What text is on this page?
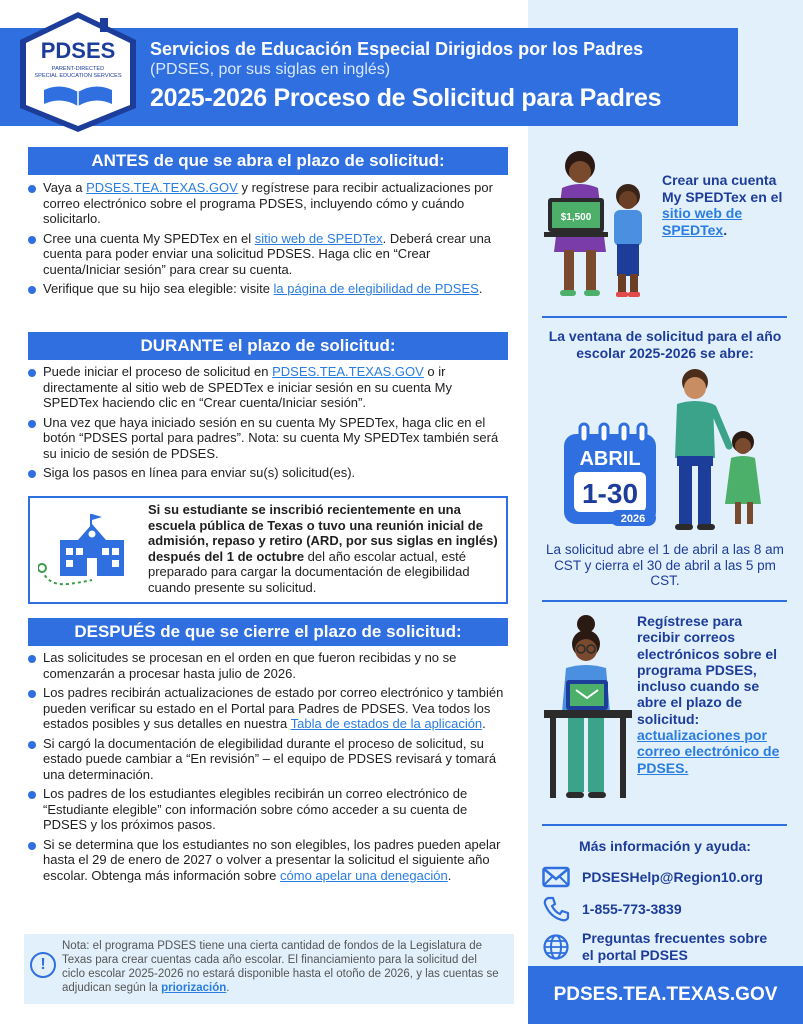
PDSES
PARENT-DIRECTED
SPECIAL EDUCATION SERVICES
Servicios de Educación Especial Dirigidos por los Padres
(PDSES, por sus siglas en inglés)
2025-2026 Proceso de Solicitud para Padres
ANTES de que se abra el plazo de solicitud:
Vaya a PDSES.TEA.TEXAS.GOV y regístrese para recibir actualizaciones por correo electrónico sobre el programa PDSES, incluyendo cómo y cuándo solicitarlo.
Cree una cuenta My SPEDTex en el sitio web de SPEDTex. Deberá crear una cuenta para poder enviar una solicitud PDSES. Haga clic en “Crear cuenta/Iniciar sesión” para crear su cuenta.
Verifique que su hijo sea elegible: visite la página de elegibilidad de PDSES.
DURANTE el plazo de solicitud:
Puede iniciar el proceso de solicitud en PDSES.TEA.TEXAS.GOV o ir directamente al sitio web de SPEDTex e iniciar sesión en su cuenta My SPEDTex haciendo clic en “Crear cuenta/Iniciar sesión”.
Una vez que haya iniciado sesión en su cuenta My SPEDTex, haga clic en el botón “PDSES portal para padres”. Nota: su cuenta My SPEDTex también será su inicio de sesión de PDSES.
Siga los pasos en línea para enviar su(s) solicitud(es).
Si su estudiante se inscribió recientemente en una escuela pública de Texas o tuvo una reunión inicial de admisión, repaso y retiro (ARD, por sus siglas en inglés) después del 1 de octubre del año escolar actual, esté preparado para cargar la documentación de elegibilidad cuando presente su solicitud.
DESPUÉS de que se cierre el plazo de solicitud:
Las solicitudes se procesan en el orden en que fueron recibidas y no se comenzarán a procesar hasta julio de 2026.
Los padres recibirán actualizaciones de estado por correo electrónico y también pueden verificar su estado en el Portal para Padres de PDSES. Vea todos los estados posibles y sus detalles en nuestra Tabla de estados de la aplicación.
Si cargó la documentación de elegibilidad durante el proceso de solicitud, su estado puede cambiar a “En revisión” – el equipo de PDSES revisará y tomará una determinación.
Los padres de los estudiantes elegibles recibirán un correo electrónico de “Estudiante elegible” con información sobre cómo acceder a su cuenta de PDSES y los próximos pasos.
Si se determina que los estudiantes no son elegibles, los padres pueden apelar hasta el 29 de enero de 2027 o volver a presentar la solicitud el siguiente año escolar. Obtenga más información sobre cómo apelar una denegación.
!
Nota: el programa PDSES tiene una cierta cantidad de fondos de la Legislatura de Texas para crear cuentas cada año escolar. El financiamiento para la solicitud del ciclo escolar 2025-2026 no estará disponible hasta el otoño de 2026, y las cuentas se adjudican según la priorización.
$1,500
Crear una cuenta My SPEDTex en el sitio web de SPEDTex.
La ventana de solicitud para el año escolar 2025-2026 se abre:
ABRIL
1-30
2026
La solicitud abre el 1 de abril a las 8 am CST y cierra el 30 de abril a las 5 pm CST.
Regístrese para recibir correos electrónicos sobre el programa PDSES, incluso cuando se abre el plazo de solicitud: actualizaciones por correo electrónico de PDSES.
Más información y ayuda:
PDSESHelp@Region10.org
1-855-773-3839
Preguntas frecuentes sobre el portal PDSES
PDSES.TEA.TEXAS.GOV
